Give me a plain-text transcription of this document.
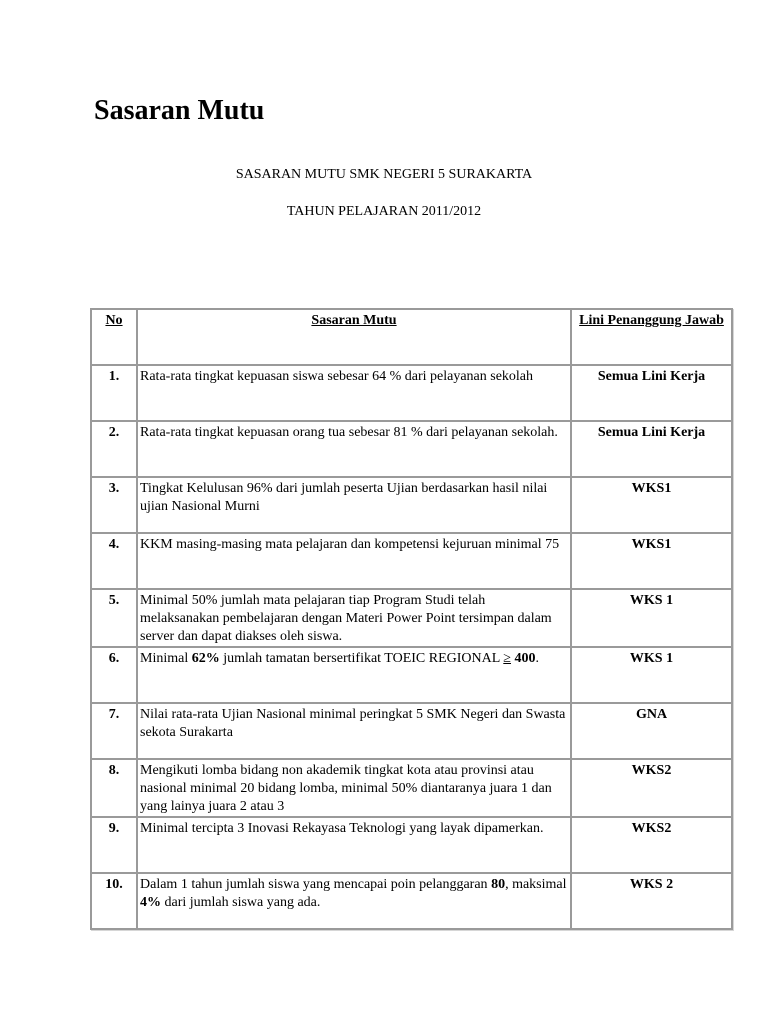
Sasaran Mutu

SASARAN MUTU SMK NEGERI 5 SURAKARTA

TAHUN PELAJARAN 2011/2012

No	Sasaran Mutu	Lini Penanggung Jawab
1.	Rata-rata tingkat kepuasan siswa sebesar 64 % dari pelayanan sekolah	Semua Lini Kerja
2.	Rata-rata tingkat kepuasan orang tua sebesar 81 % dari pelayanan sekolah.	Semua Lini Kerja
3.	Tingkat Kelulusan 96% dari jumlah peserta Ujian berdasarkan hasil nilai ujian Nasional Murni	WKS1
4.	KKM masing-masing mata pelajaran dan kompetensi kejuruan minimal 75	WKS1
5.	Minimal 50% jumlah mata pelajaran tiap Program Studi telah melaksanakan pembelajaran dengan Materi Power Point tersimpan dalam server dan dapat diakses oleh siswa.	WKS 1
6.	Minimal 62% jumlah tamatan bersertifikat TOEIC REGIONAL ≥ 400.	WKS 1
7.	Nilai rata-rata Ujian Nasional minimal peringkat 5 SMK Negeri dan Swasta sekota Surakarta	GNA
8.	Mengikuti lomba bidang non akademik tingkat kota atau provinsi atau nasional minimal 20 bidang lomba, minimal 50% diantaranya juara 1 dan yang lainya juara 2 atau 3	WKS2
9.	Minimal tercipta 3 Inovasi Rekayasa Teknologi yang layak dipamerkan.	WKS2
10.	Dalam 1 tahun jumlah siswa yang mencapai poin pelanggaran 80, maksimal 4% dari jumlah siswa yang ada.	WKS 2
